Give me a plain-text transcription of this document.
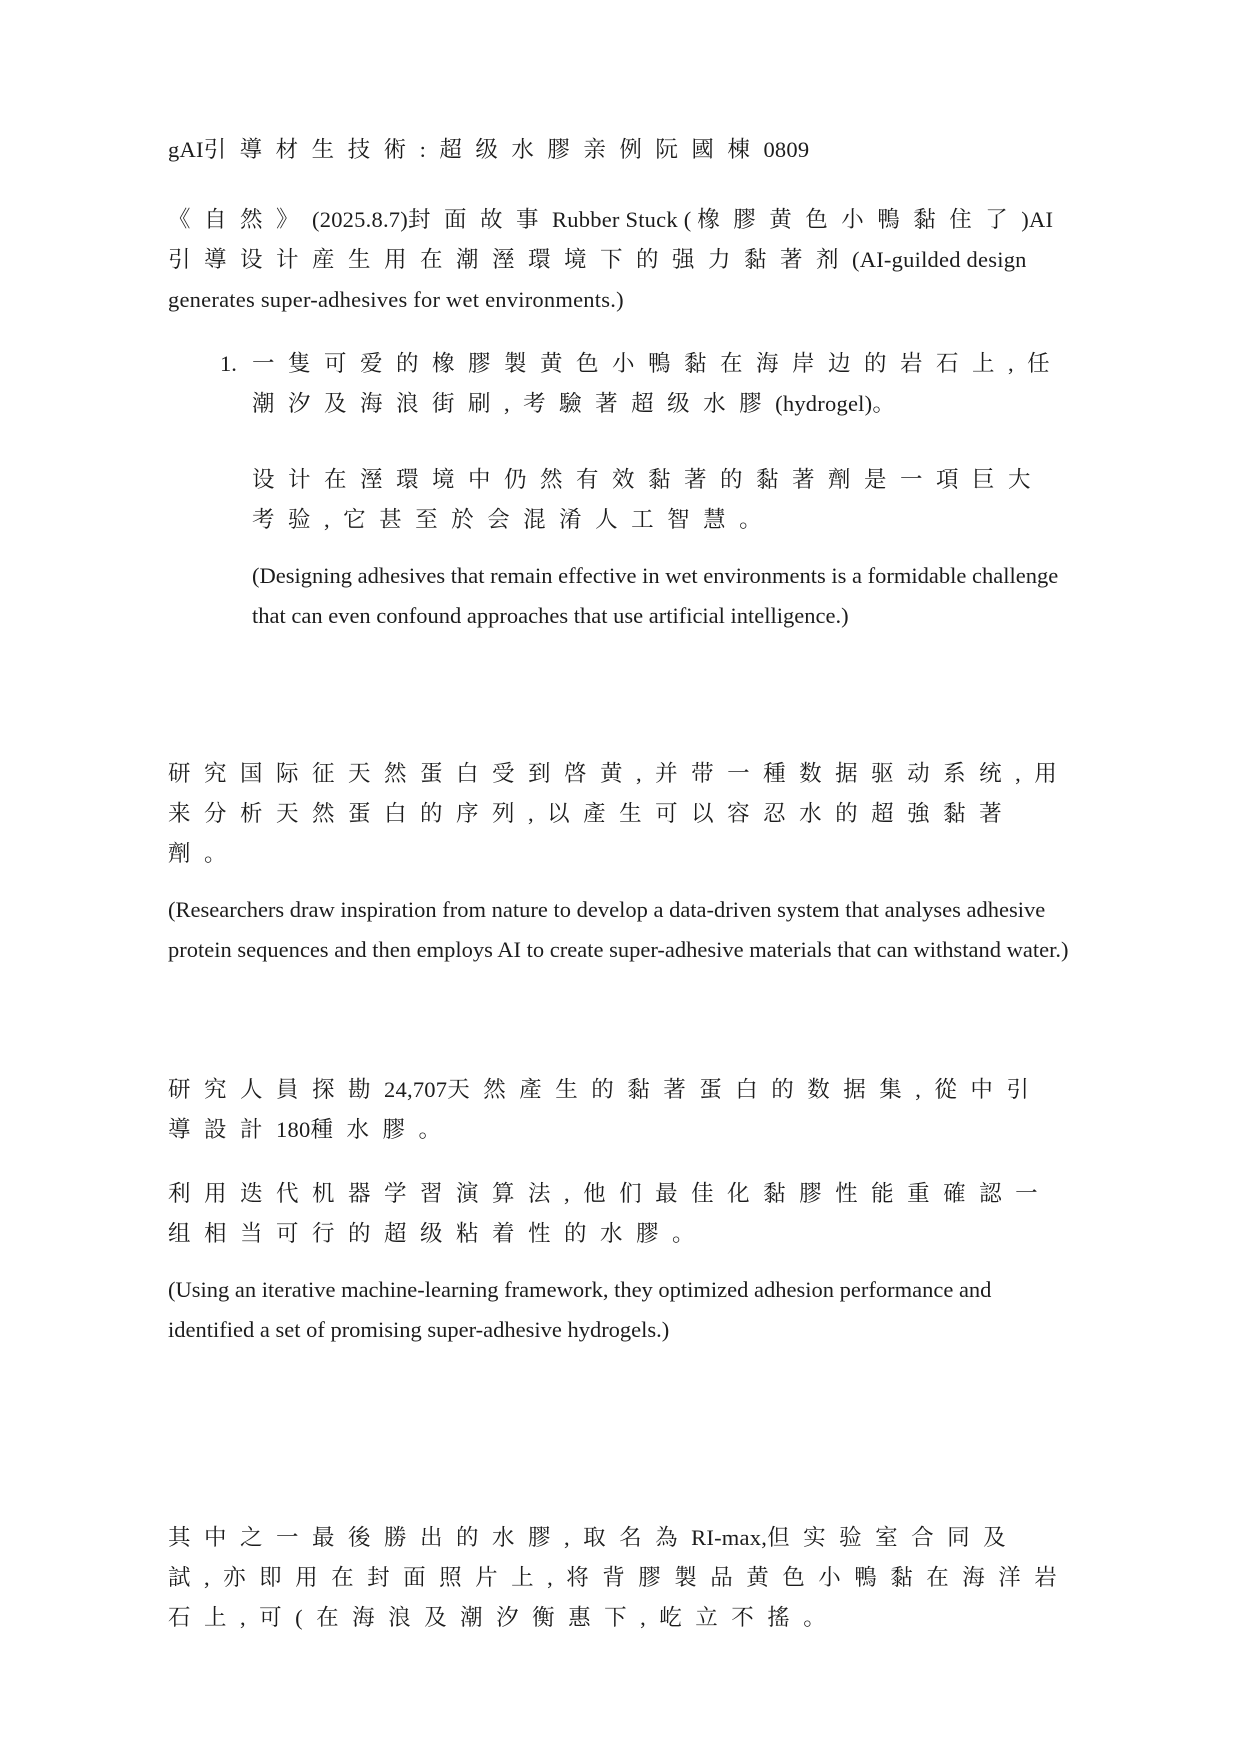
gAI引導材生技術:超级水膠亲例阮國棟0809

《自然》(2025.8.7)封面故事Rubber Stuck ( 橡膠黄色小鴨黏住了)AI引導设计産生用在潮溼環境下的强力黏著剂(AI-guilded design generates super-adhesives for wet environments.)

1. 一隻可爱的橡膠製黄色小鴨黏在海岸边的岩石上,任潮汐及海浪街刷,考驗著超级水膠(hydrogel)。

设计在溼環境中仍然有效黏著的黏著劑是一項巨大考验,它甚至於会混淆人工智慧。

(Designing adhesives that remain effective in wet environments is a formidable challenge that can even confound approaches that use artificial intelligence.)

研究国际征天然蛋白受到啓黄,并带一種数据驱动系统,用来分析天然蛋白的序列,以產生可以容忍水的超強黏著劑。

(Researchers draw inspiration from nature to develop a data-driven system that analyses adhesive protein sequences and then employs AI to create super-adhesive materials that can withstand water.)

研究人員探勘24,707天然產生的黏著蛋白的数据集,從中引導設計180種水膠。

利用迭代机器学習演算法,他们最佳化黏膠性能重確認一组相当可行的超级粘着性的水膠。

(Using an iterative machine-learning framework, they optimized adhesion performance and identified a set of promising super-adhesive hydrogels.)

其中之一最後勝出的水膠,取名為RI-max,但实验室合同及試,亦即用在封面照片上,将背膠製品黄色小鴨黏在海洋岩石上,可(在海浪及潮汐衡惠下,屹立不搖。
